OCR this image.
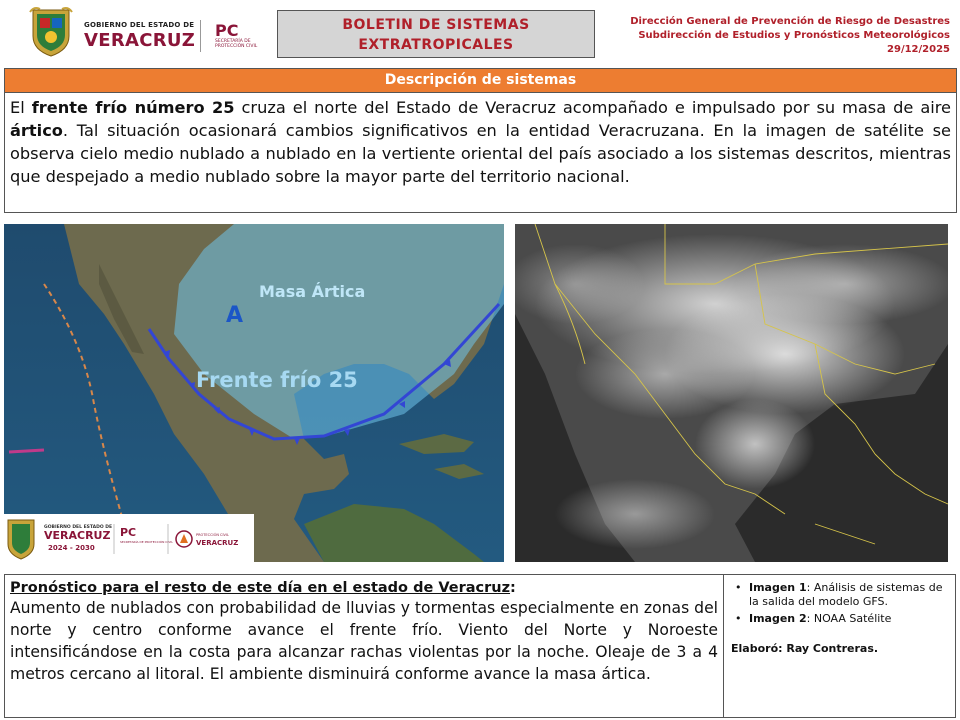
GOBIERNO DEL ESTADO DE
VERACRUZ PC
SECRETARÍA DE PROTECCIÓN CIVIL
BOLETIN DE SISTEMAS
EXTRATROPICALES
Dirección General de Prevención de Riesgo de Desastres
Subdirección de Estudios y Pronósticos Meteorológicos
29/12/2025
Descripción de sistemas
El frente frío número 25 cruza el norte del Estado de Veracruz acompañado e impulsado por su masa de aire ártico. Tal situación ocasionará cambios significativos en la entidad Veracruzana. En la imagen de satélite se observa cielo medio nublado a nublado en la vertiente oriental del país asociado a los sistemas descritos, mientras que despejado a medio nublado sobre la mayor parte del territorio nacional.
Masa Ártica
A
Frente frío 25
GOBIERNO DEL ESTADO DE
VERACRUZ
2024 - 2030
PC
SECRETARÍA DE PROTECCIÓN CIVIL
PROTECCIÓN CIVIL
VERACRUZ
Pronóstico para el resto de este día en el estado de Veracruz:
Aumento de nublados con probabilidad de lluvias y tormentas especialmente en zonas del norte y centro conforme avance el frente frío. Viento del Norte y Noroeste intensificándose en la costa para alcanzar rachas violentas por la noche. Oleaje de 3 a 4 metros cercano al litoral. El ambiente disminuirá conforme avance la masa ártica.
• Imagen 1: Análisis de sistemas de la salida del modelo GFS.
• Imagen 2: NOAA Satélite
Elaboró: Ray Contreras.
